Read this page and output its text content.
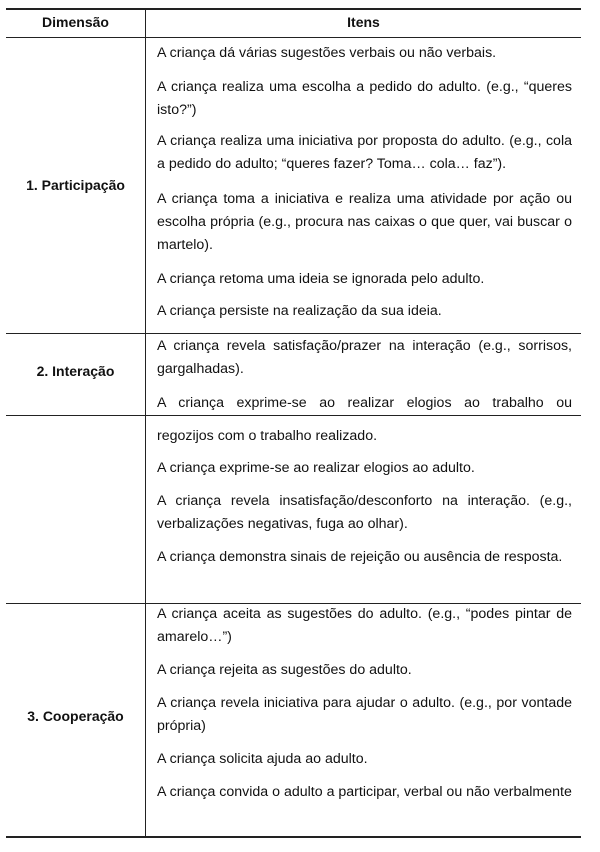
Dimensão	Itens
1. Participação
A criança dá várias sugestões verbais ou não verbais.
A criança realiza uma escolha a pedido do adulto. (e.g., “queres isto?”)
A criança realiza uma iniciativa por proposta do adulto. (e.g., cola a pedido do adulto; “queres fazer? Toma… cola… faz”).
A criança toma a iniciativa e realiza uma atividade por ação ou escolha própria (e.g., procura nas caixas o que quer, vai buscar o martelo).
A criança retoma uma ideia se ignorada pelo adulto.
A criança persiste na realização da sua ideia.
2. Interação
A criança revela satisfação/prazer na interação (e.g., sorrisos, gargalhadas).
A criança exprime-se ao realizar elogios ao trabalho ou
regozijos com o trabalho realizado.
A criança exprime-se ao realizar elogios ao adulto.
A criança revela insatisfação/desconforto na interação. (e.g., verbalizações negativas, fuga ao olhar).
A criança demonstra sinais de rejeição ou ausência de resposta.
3. Cooperação
A criança aceita as sugestões do adulto. (e.g., “podes pintar de amarelo…”)
A criança rejeita as sugestões do adulto.
A criança revela iniciativa para ajudar o adulto. (e.g., por vontade própria)
A criança solicita ajuda ao adulto.
A criança convida o adulto a participar, verbal ou não verbalmente
